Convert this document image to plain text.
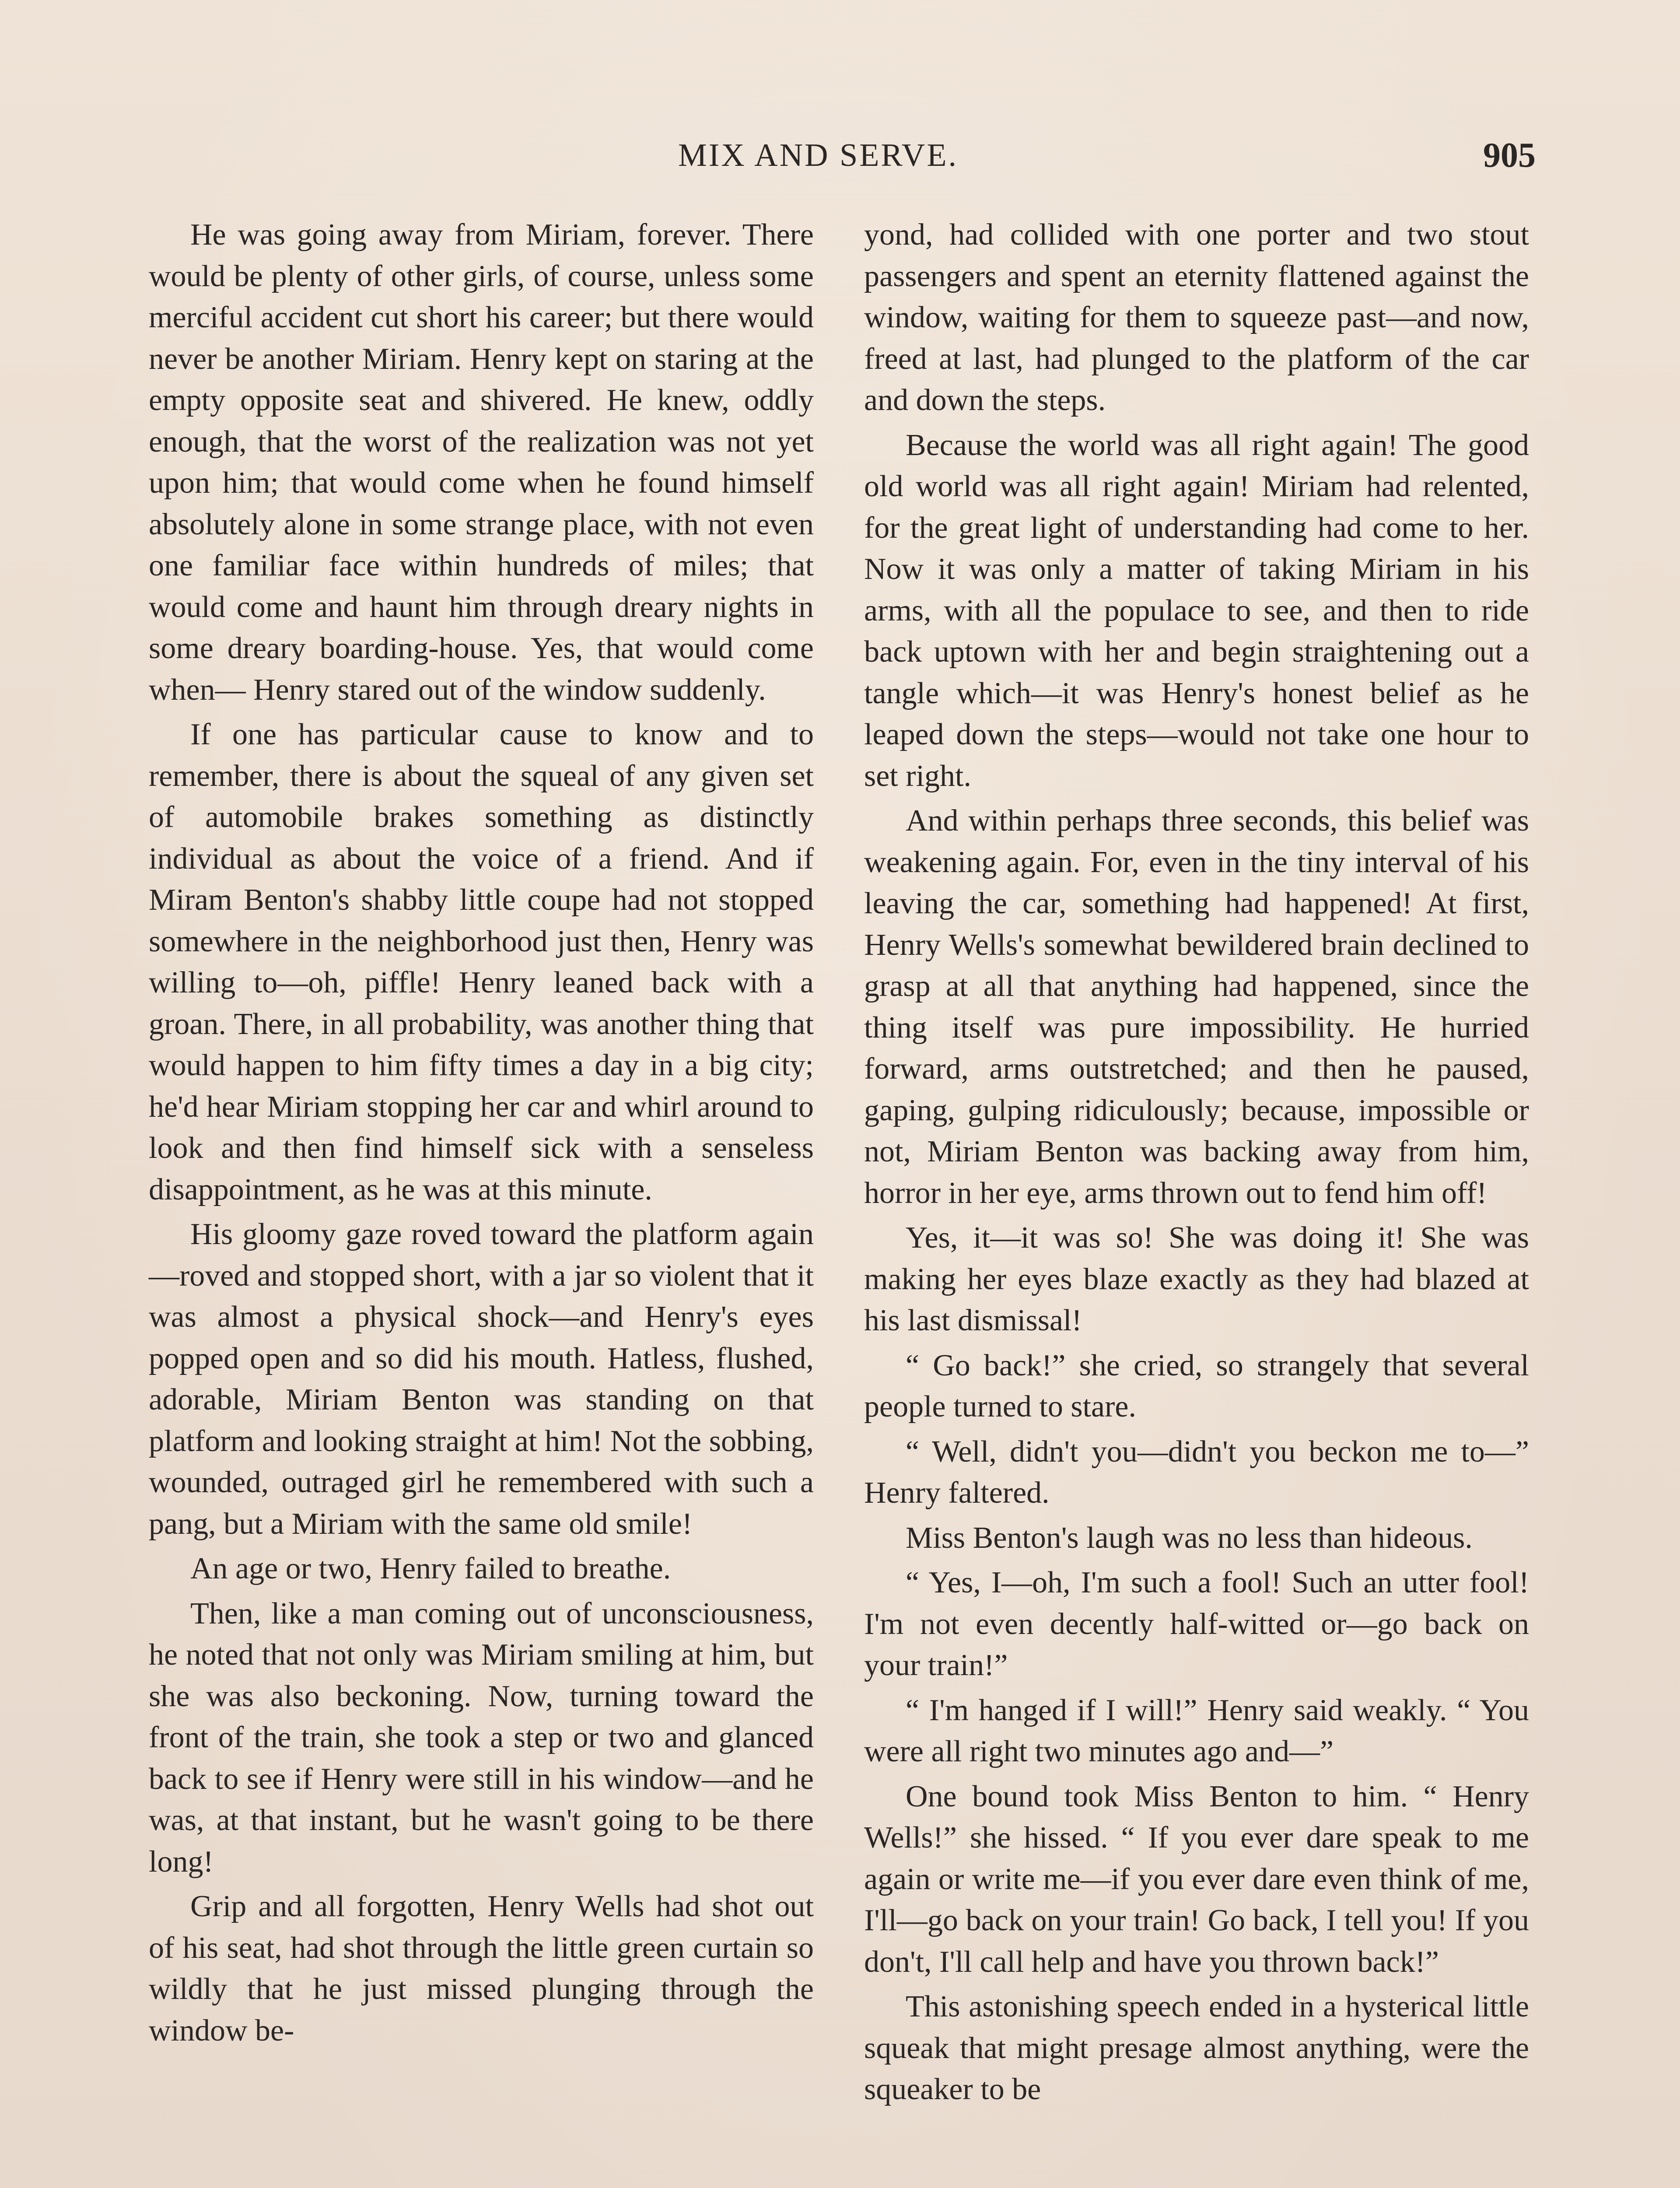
MIX AND SERVE.	905

He was going away from Miriam, forever. There would be plenty of other girls, of course, unless some merciful accident cut short his career; but there would never be another Miriam. Henry kept on staring at the empty opposite seat and shivered. He knew, oddly enough, that the worst of the realization was not yet upon him; that would come when he found himself absolutely alone in some strange place, with not even one familiar face within hundreds of miles; that would come and haunt him through dreary nights in some dreary boarding-house. Yes, that would come when— Henry stared out of the window suddenly.

If one has particular cause to know and to remember, there is about the squeal of any given set of automobile brakes something as distinctly individual as about the voice of a friend. And if Miram Benton's shabby little coupe had not stopped somewhere in the neighborhood just then, Henry was willing to—oh, piffle! Henry leaned back with a groan. There, in all probability, was another thing that would happen to him fifty times a day in a big city; he'd hear Miriam stopping her car and whirl around to look and then find himself sick with a senseless disappointment, as he was at this minute.

His gloomy gaze roved toward the platform again—roved and stopped short, with a jar so violent that it was almost a physical shock—and Henry's eyes popped open and so did his mouth. Hatless, flushed, adorable, Miriam Benton was standing on that platform and looking straight at him! Not the sobbing, wounded, outraged girl he remembered with such a pang, but a Miriam with the same old smile!

An age or two, Henry failed to breathe.

Then, like a man coming out of unconsciousness, he noted that not only was Miriam smiling at him, but she was also beckoning. Now, turning toward the front of the train, she took a step or two and glanced back to see if Henry were still in his window—and he was, at that instant, but he wasn't going to be there long!

Grip and all forgotten, Henry Wells had shot out of his seat, had shot through the little green curtain so wildly that he just missed plunging through the window be-

yond, had collided with one porter and two stout passengers and spent an eternity flattened against the window, waiting for them to squeeze past—and now, freed at last, had plunged to the platform of the car and down the steps.

Because the world was all right again! The good old world was all right again! Miriam had relented, for the great light of understanding had come to her. Now it was only a matter of taking Miriam in his arms, with all the populace to see, and then to ride back uptown with her and begin straightening out a tangle which—it was Henry's honest belief as he leaped down the steps—would not take one hour to set right.

And within perhaps three seconds, this belief was weakening again. For, even in the tiny interval of his leaving the car, something had happened! At first, Henry Wells's somewhat bewildered brain declined to grasp at all that anything had happened, since the thing itself was pure impossibility. He hurried forward, arms outstretched; and then he paused, gaping, gulping ridiculously; because, impossible or not, Miriam Benton was backing away from him, horror in her eye, arms thrown out to fend him off!

Yes, it—it was so! She was doing it! She was making her eyes blaze exactly as they had blazed at his last dismissal!

“ Go back!” she cried, so strangely that several people turned to stare.

“ Well, didn't you—didn't you beckon me to—” Henry faltered.

Miss Benton's laugh was no less than hideous.

“ Yes, I—oh, I'm such a fool! Such an utter fool! I'm not even decently half-witted or—go back on your train!”

“ I'm hanged if I will!” Henry said weakly. “ You were all right two minutes ago and—”

One bound took Miss Benton to him. “ Henry Wells!” she hissed. “ If you ever dare speak to me again or write me—if you ever dare even think of me, I'll—go back on your train! Go back, I tell you! If you don't, I'll call help and have you thrown back!”

This astonishing speech ended in a hysterical little squeak that might presage almost anything, were the squeaker to be
